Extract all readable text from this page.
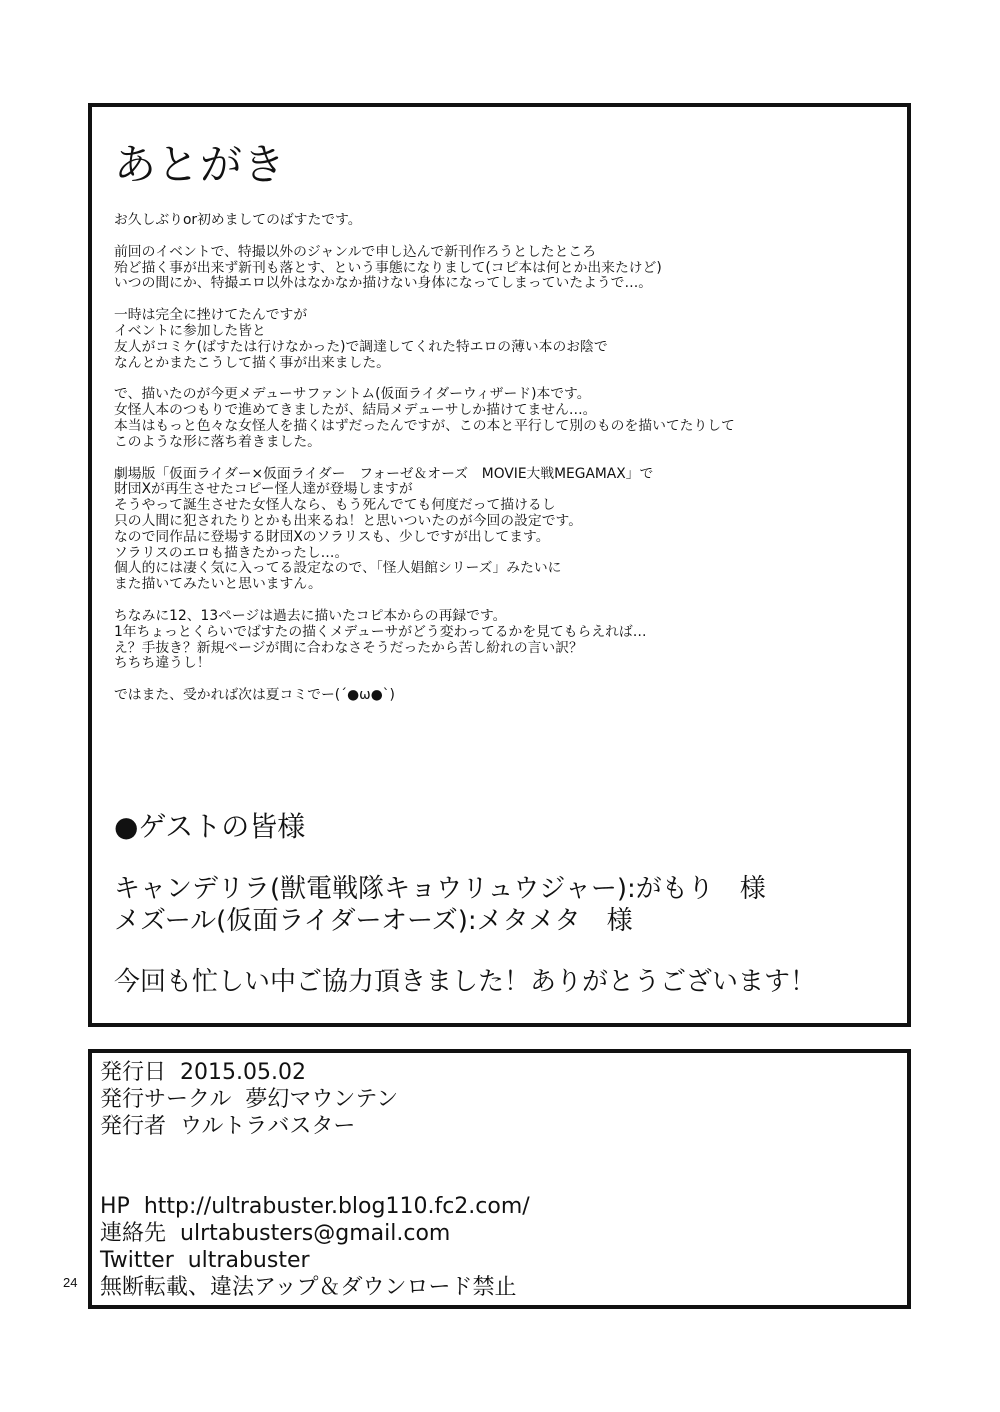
あとがき
お久しぶりor初めましてのばすたです。
前回のイベントで、特撮以外のジャンルで申し込んで新刊作ろうとしたところ
殆ど描く事が出来ず新刊も落とす、という事態になりまして(コピ本は何とか出来たけど)
いつの間にか、特撮エロ以外はなかなか描けない身体になってしまっていたようで…。
一時は完全に挫けてたんですが
イベントに参加した皆と
友人がコミケ(ばすたは行けなかった)で調達してくれた特エロの薄い本のお陰で
なんとかまたこうして描く事が出来ました。
で、描いたのが今更メデューサファントム(仮面ライダーウィザード)本です。
女怪人本のつもりで進めてきましたが、結局メデューサしか描けてません…。
本当はもっと色々な女怪人を描くはずだったんですが、この本と平行して別のものを描いてたりして
このような形に落ち着きました。
劇場版「仮面ライダー×仮面ライダー　フォーゼ＆オーズ　MOVIE大戦MEGAMAX」で
財団Xが再生させたコピー怪人達が登場しますが
そうやって誕生させた女怪人なら、もう死んでても何度だって描けるし
只の人間に犯されたりとかも出来るね！と思いついたのが今回の設定です。
なので同作品に登場する財団Xのソラリスも、少しですが出してます。
ソラリスのエロも描きたかったし…。
個人的には凄く気に入ってる設定なので、「怪人娼館シリーズ」みたいに
また描いてみたいと思いますん。
ちなみに12、13ページは過去に描いたコピ本からの再録です。
1年ちょっとくらいでばすたの描くメデューサがどう変わってるかを見てもらえれば…
え？手抜き？新規ページが間に合わなさそうだったから苦し紛れの言い訳？
ちちち違うし！
ではまた、受かれば次は夏コミでー(´●ω●`)
●ゲストの皆様
キャンデリラ(獣電戦隊キョウリュウジャー):がもり　様
メズール(仮面ライダーオーズ):メタメタ　様
今回も忙しい中ご協力頂きました！ありがとうございます！
発行日 2015.05.02
発行サークル 夢幻マウンテン
発行者 ウルトラバスター
HP http://ultrabuster.blog110.fc2.com/
連絡先 ulrtabusters@gmail.com
Twitter ultrabuster
無断転載、違法アップ＆ダウンロード禁止
24
